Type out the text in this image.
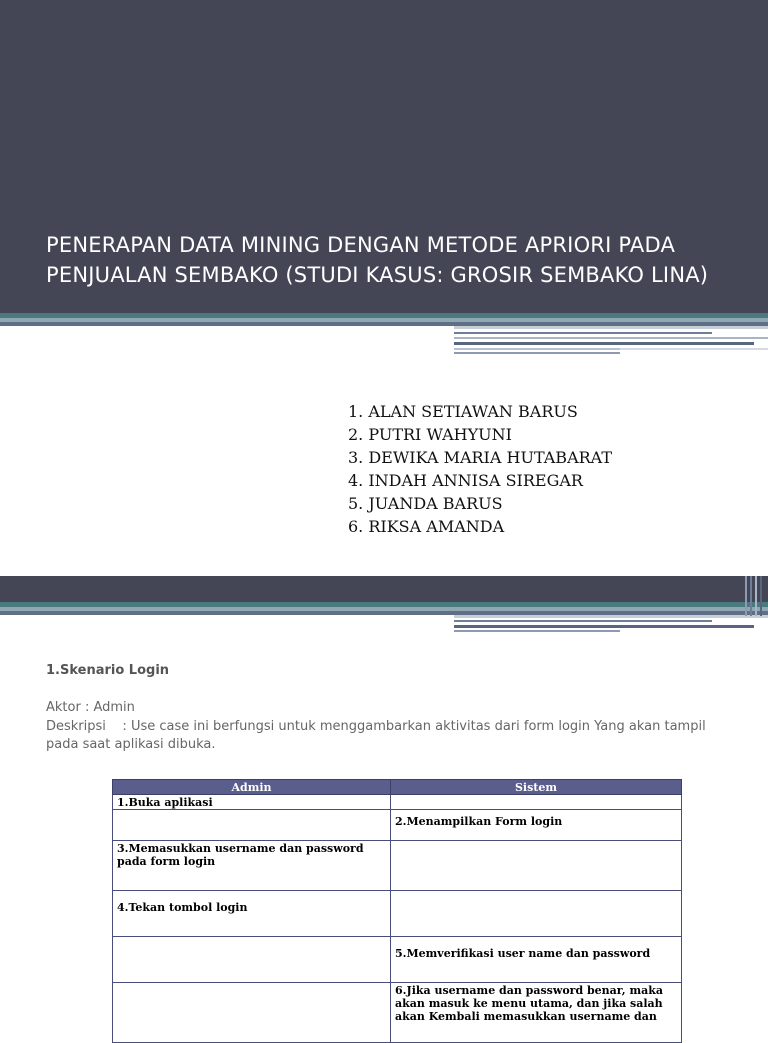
PENERAPAN DATA MINING DENGAN METODE APRIORI PADA
PENJUALAN SEMBAKO (STUDI KASUS: GROSIR SEMBAKO LINA)
1. ALAN SETIAWAN BARUS
2. PUTRI WAHYUNI
3. DEWIKA MARIA HUTABARAT
4. INDAH ANNISA SIREGAR
5. JUANDA BARUS
6. RIKSA AMANDA
1.Skenario Login
Aktor : Admin
Deskripsi    : Use case ini berfungsi untuk menggambarkan aktivitas dari form login Yang akan tampil
pada saat aplikasi dibuka.
Admin	Sistem
1.Buka aplikasi	
	2.Menampilkan Form login
3.Memasukkan username dan password pada form login	
4.Tekan tombol login	
	5.Memverifikasi user name dan password
	6.Jika username dan password benar, maka akan masuk ke menu utama, dan jika salah akan Kembali memasukkan username dan
